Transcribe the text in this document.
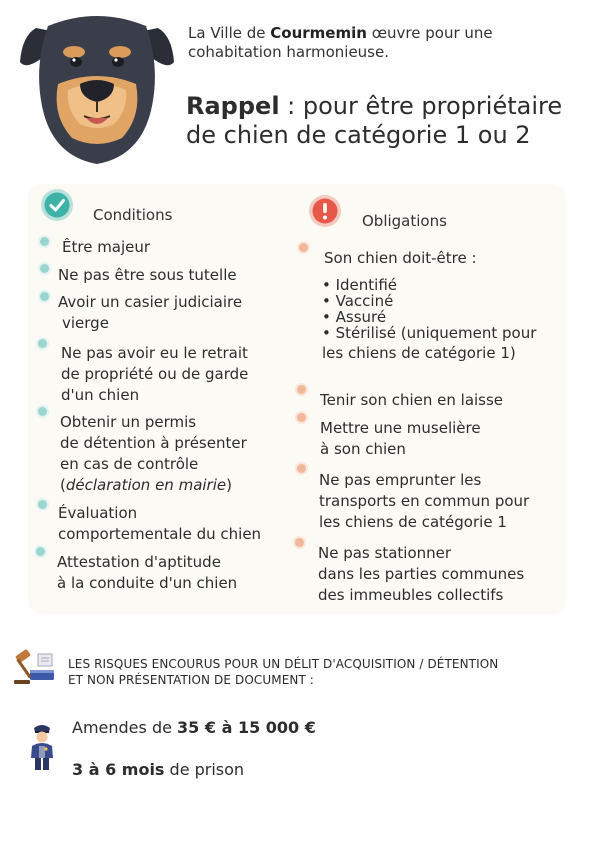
La Ville de Courmemin œuvre pour une
cohabitation harmonieuse.
Rappel : pour être propriétaire
de chien de catégorie 1 ou 2
Conditions
Être majeur
Ne pas être sous tutelle
Avoir un casier judiciaire
vierge
Ne pas avoir eu le retrait
de propriété ou de garde
d'un chien
Obtenir un permis
de détention à présenter
en cas de contrôle
(déclaration en mairie)
Évaluation
comportementale du chien
Attestation d'aptitude
à la conduite d'un chien
Obligations
Son chien doit-être :
• Identifié
• Vacciné
• Assuré
• Stérilisé (uniquement pour
les chiens de catégorie 1)
Tenir son chien en laisse
Mettre une muselière
à son chien
Ne pas emprunter les
transports en commun pour
les chiens de catégorie 1
Ne pas stationner
dans les parties communes
des immeubles collectifs
LES RISQUES ENCOURUS POUR UN DÉLIT D'ACQUISITION / DÉTENTION
ET NON PRÉSENTATION DE DOCUMENT :
Amendes de 35 € à 15 000 €
3 à 6 mois de prison
